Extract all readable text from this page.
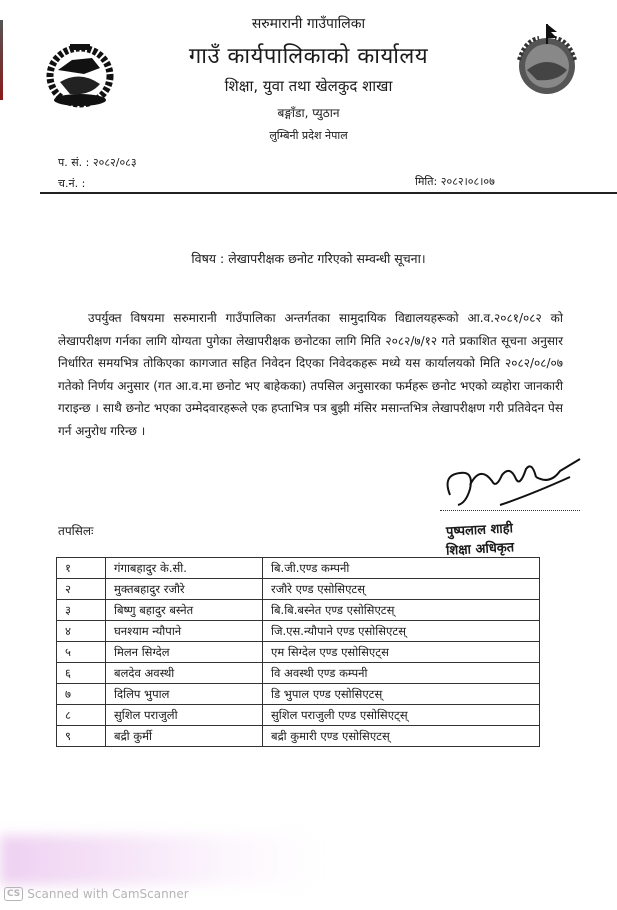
सरुमारानी गाउँपालिका
गाउँ कार्यपालिकाको कार्यालय
शिक्षा, युवा तथा खेलकुद शाखा
बङ्गाँडा, प्युठान
लुम्बिनी प्रदेश नेपाल
प. सं. : २०८२/०८३
च.नं. :	मिति: २०८२।०८।०७
विषय : लेखापरीक्षक छनोट गरिएको सम्वन्धी सूचना।
उपर्युक्त विषयमा सरुमारानी गाउँपालिका अन्तर्गतका सामुदायिक विद्यालयहरूको आ.व.२०८१/०८२ को लेखापरीक्षण गर्नका लागि योग्यता पुगेका लेखापरीक्षक छनोटका लागि मिति २०८२/७/१२ गते प्रकाशित सूचना अनुसार निर्धारित समयभित्र तोकिएका कागजात सहित निवेदन दिएका निवेदकहरू मध्ये यस कार्यालयको मिति २०८२/०८/०७ गतेको निर्णय अनुसार (गत आ.व.मा छनोट भए बाहेकका) तपसिल अनुसारका फर्महरू छनोट भएको व्यहोरा जानकारी गराइन्छ । साथै छनोट भएका उम्मेदवारहरूले एक हप्ताभित्र पत्र बुझी मंसिर मसान्तभित्र लेखापरीक्षण गरी प्रतिवेदन पेस गर्न अनुरोध गरिन्छ ।
पुष्पलाल शाही
शिक्षा अधिकृत
तपसिलः
१	गंगाबहादुर के.सी.	बि.जी.एण्ड कम्पनी
२	मुक्तबहादुर रजौरे	रजौरे एण्ड एसोसिएटस्
३	बिष्णु बहादुर बस्नेत	बि.बि.बस्नेत एण्ड एसोसिएटस्
४	घनश्याम न्यौपाने	जि.एस.न्यौपाने एण्ड एसोसिएटस्
५	मिलन सिग्देल	एम सिग्देल एण्ड एसोसिएट्स
६	बलदेव अवस्थी	वि अवस्थी एण्ड कम्पनी
७	दिलिप भुपाल	डि भुपाल एण्ड एसोसिएटस्
८	सुशिल पराजुली	सुशिल पराजुली एण्ड एसोसिएट्स्
९	बद्री कुर्मी	बद्री कुमारी एण्ड एसोसिएटस्
CS Scanned with CamScanner
